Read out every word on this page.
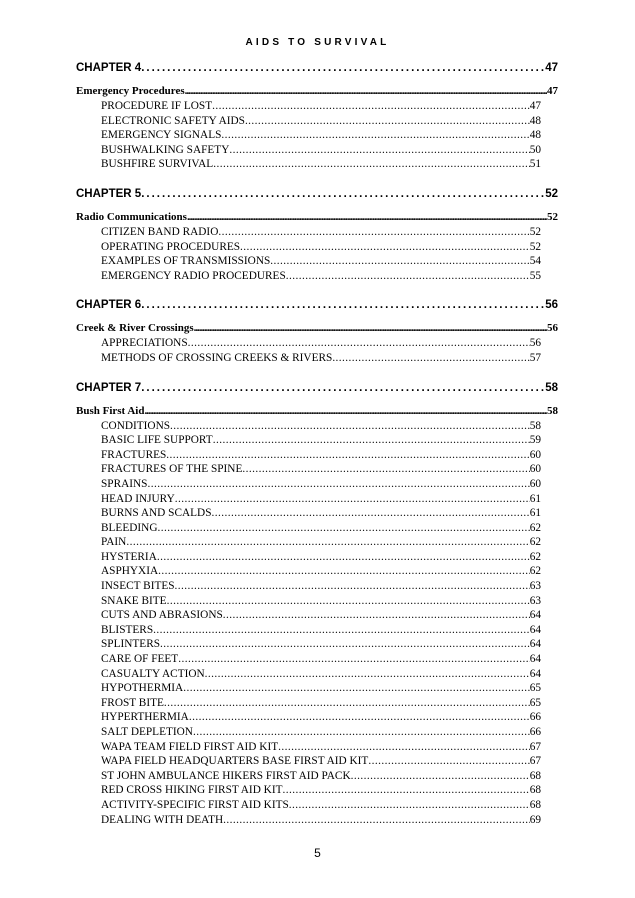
AIDS TO SURVIVAL
CHAPTER 4 . . .	47
Emergency Procedures . . .	47
PROCEDURE IF LOST . . .	47
ELECTRONIC SAFETY AIDS . . .	48
EMERGENCY SIGNALS . . .	48
BUSHWALKING SAFETY . . .	50
BUSHFIRE SURVIVAL . . .	51
CHAPTER 5 . . .	52
Radio Communications . . .	52
CITIZEN BAND RADIO . . .	52
OPERATING PROCEDURES . . .	52
EXAMPLES OF TRANSMISSIONS . . .	54
EMERGENCY RADIO PROCEDURES . . .	55
CHAPTER 6 . . .	56
Creek & River Crossings . . .	56
APPRECIATIONS . . .	56
METHODS OF CROSSING CREEKS & RIVERS . . .	57
CHAPTER 7 . . .	58
Bush First Aid . . .	58
CONDITIONS . . .	58
BASIC LIFE SUPPORT . . .	59
FRACTURES . . .	60
FRACTURES OF THE SPINE . . .	60
SPRAINS . . .	60
HEAD INJURY . . .	61
BURNS AND SCALDS . . .	61
BLEEDING . . .	62
PAIN . . .	62
HYSTERIA . . .	62
ASPHYXIA . . .	62
INSECT BITES . . .	63
SNAKE BITE . . .	63
CUTS AND ABRASIONS . . .	64
BLISTERS . . .	64
SPLINTERS . . .	64
CARE OF FEET . . .	64
CASUALTY ACTION . . .	64
HYPOTHERMIA . . .	65
FROST BITE . . .	65
HYPERTHERMIA . . .	66
SALT DEPLETION . . .	66
WAPA TEAM FIELD FIRST AID KIT . . .	67
WAPA FIELD HEADQUARTERS BASE FIRST AID KIT . . .	67
ST JOHN AMBULANCE HIKERS FIRST AID PACK . . .	68
RED CROSS HIKING FIRST AID KIT . . .	68
ACTIVITY-SPECIFIC FIRST AID KITS . . .	68
DEALING WITH DEATH . . .	69
5
